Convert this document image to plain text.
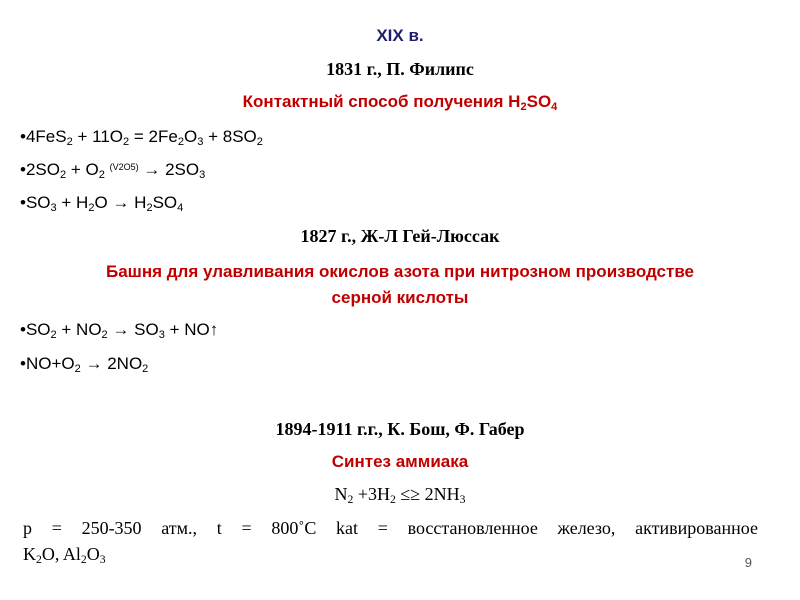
XIX в.
1831 г., П. Филипс
Контактный способ получения $H_2SO_4$
•4FeS$_2$ + $11O_2 = 2Fe_2O_3 + 8SO_2$
$•2SO_2 + O_2$ $^{(V2O5)} \to 2SO_3$
$•SO_3 + H_2O \to H_2SO_4$
1827 г., Ж-Л Гей-Люссак
Башня для улавливания окислов азота при нитрозном производстве
серной кислоты
$•SO_2 + NO_2 \to SO_3$ + NO↑
$•NO+O_2 \to 2NO_2$
1894-1911 г.г., К. Бош, Ф. Габер
Синтез аммиака
$N_2 +3H_2 \le\ge 2NH_3$
p = 250-350 атм., t = 800˚C kat = восстановленное железо, активированное
$K_2O$, $Al_2O_3$	9
